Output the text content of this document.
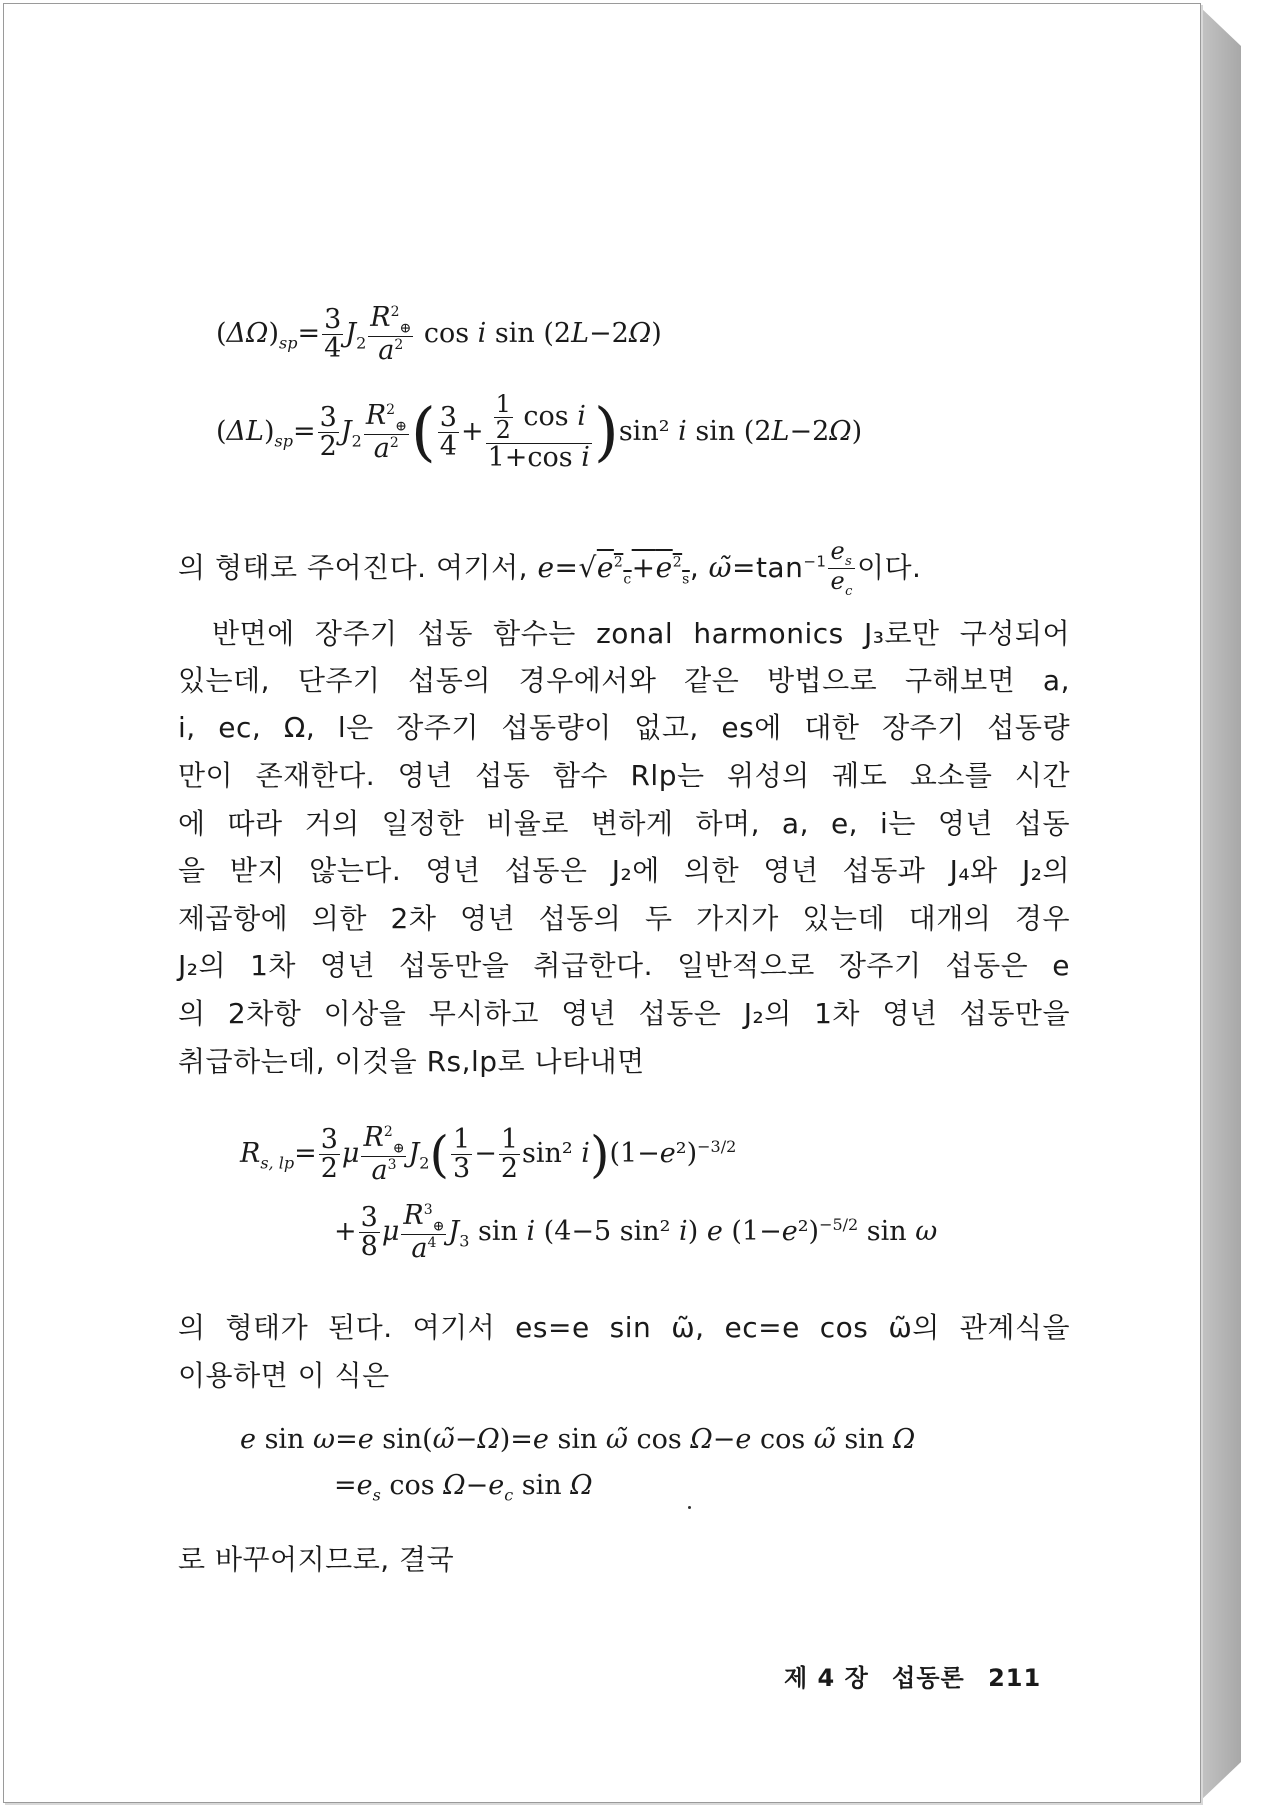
$(\Delta\Omega)_{sp}= \frac{3}{4} J_2 \frac{R^2_\oplus}{a^2}$ cos i sin (2L−2Ω)
$(\Delta L)_{sp}= \frac{3}{2} J_2 \frac{R^2_\oplus}{a^2}$ ( $\frac{3}{4} + \frac{\frac{1}{2} \cos i}{\text{1+cos i}} )\sin^2$ i sin (2L−2Ω)
의 형태로 주어진다. 여기서, $e=√e^2_c+e^2_s$, $\omegã=\tan^{-1} \frac{e_s}{e_c}$ 이다.
반면에 장주기 섭동 함수는 zonal harmonics J₃로만 구성되어
있는데, 단주기 섭동의 경우에서와 같은 방법으로 구해보면 a,
i, ec, Ω, l은 장주기 섭동량이 없고, es에 대한 장주기 섭동량
만이 존재한다. 영년 섭동 함수 Rlp는 위성의 궤도 요소를 시간
에 따라 거의 일정한 비율로 변하게 하며, a, e, i는 영년 섭동
을 받지 않는다. 영년 섭동은 J₂에 의한 영년 섭동과 J₄와 J₂의
제곱항에 의한 2차 영년 섭동의 두 가지가 있는데 대개의 경우
J₂의 1차 영년 섭동만을 취급한다. 일반적으로 장주기 섭동은 e
의 2차항 이상을 무시하고 영년 섭동은 J₂의 1차 영년 섭동만을
취급하는데, 이것을 Rs,lp로 나타내면
$R_{s, lp}= \frac{3}{2}$ μ $\frac{R^2_\oplus}{a^3} J_2( \frac{1}{3} - \frac{1}{2} \sin^2$ $i)(1-e^2)^{-3/2}$
+ $\frac{3}{8}$ μ $\frac{R^3_\oplus}{a^4} J_3$ sin i (4−5 sin² i) e $(1-e^2)^{-5/2}$ sin ω
의 형태가 된다. 여기서 es=e sin ω̃, ec=e cos ω̃의 관계식을
이용하면 이 식은
e sin ω=e sin(ω̃−Ω)=e sin ω̃ cos Ω−e cos ω̃ sin Ω
$=e_s$ $\cos \Omega-e_c$ sin Ω
로 바꾸어지므로, 결국
제 4 장 섭동론 211
